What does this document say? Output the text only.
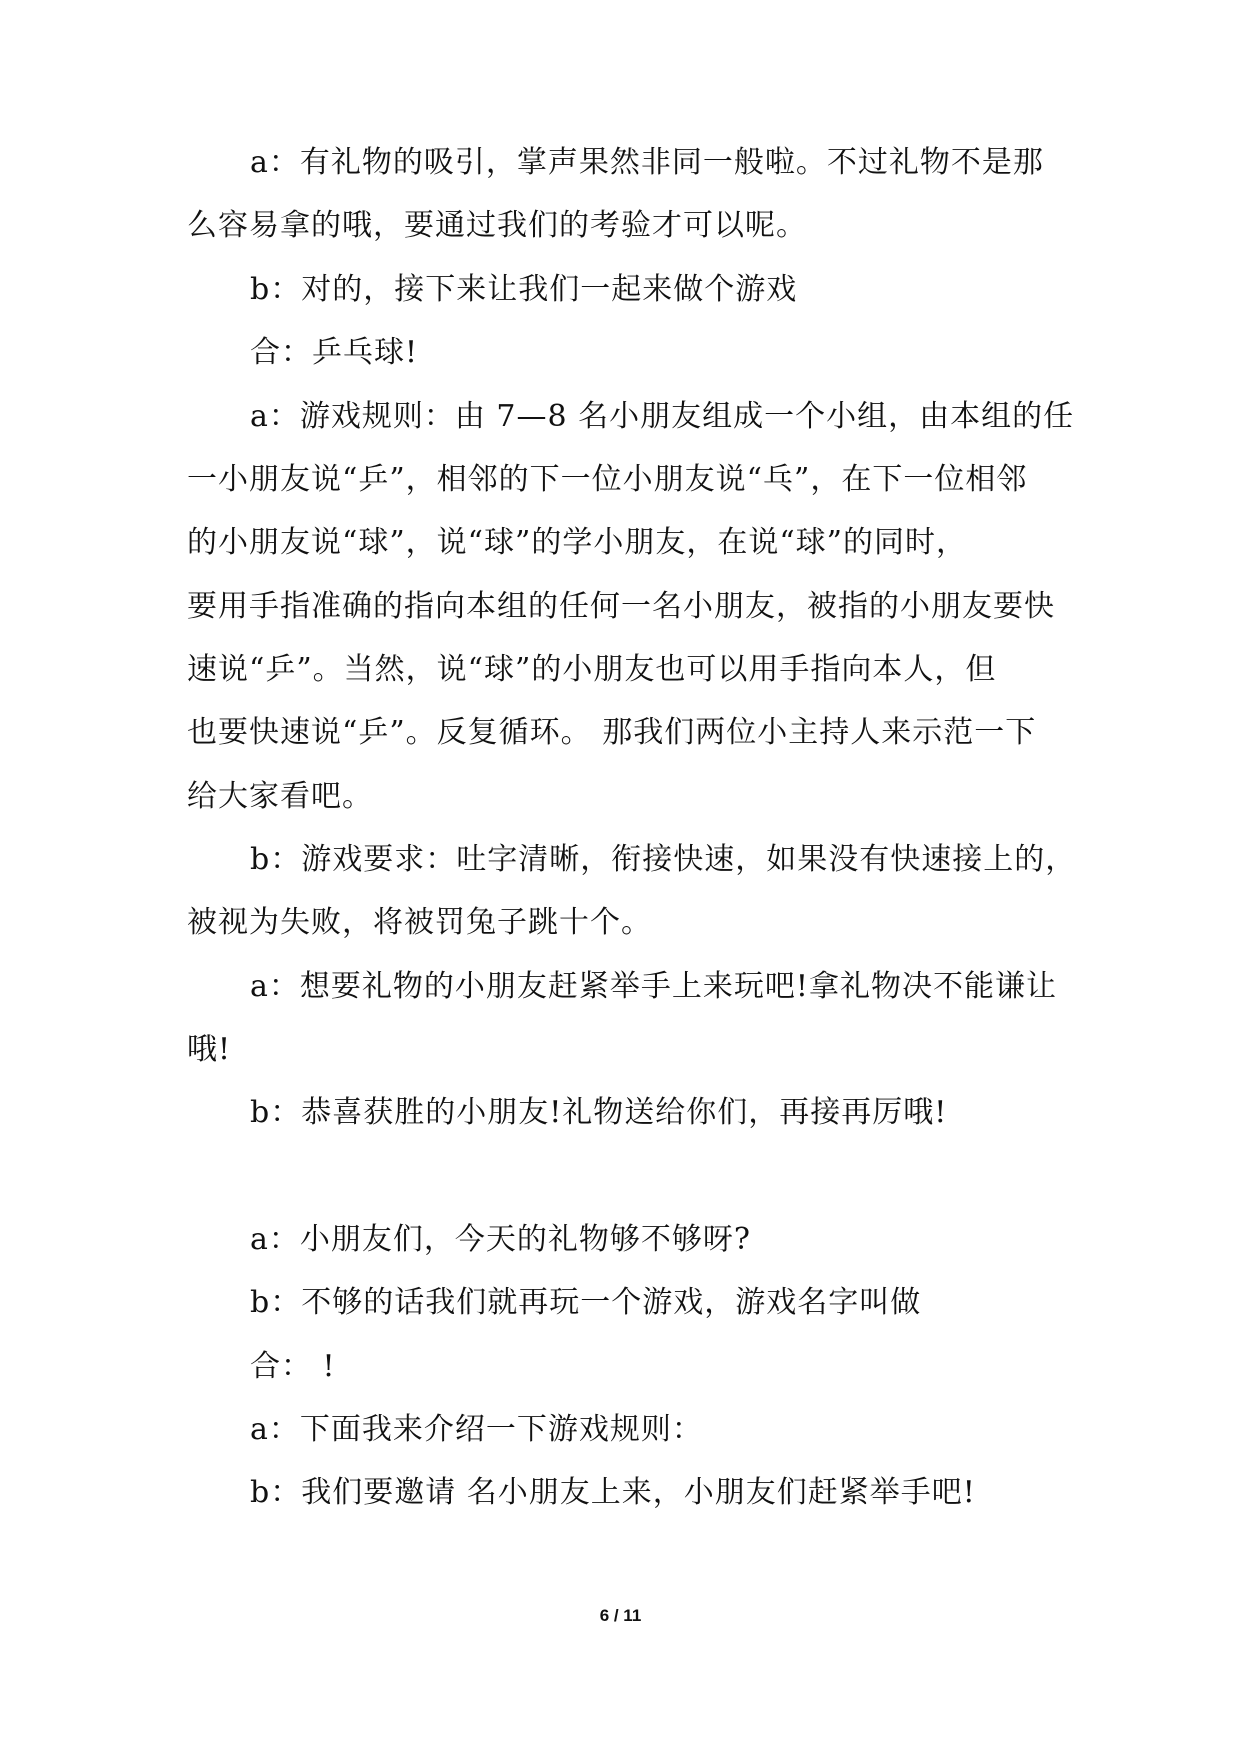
a：有礼物的吸引，掌声果然非同一般啦。不过礼物不是那
么容易拿的哦，要通过我们的考验才可以呢。
b：对的，接下来让我们一起来做个游戏
合：乒乓球!
a：游戏规则：由 7—8 名小朋友组成一个小组，由本组的任
一小朋友说“乒”，相邻的下一位小朋友说“乓”，在下一位相邻
的小朋友说“球”，说“球”的学小朋友，在说“球”的同时，
要用手指准确的指向本组的任何一名小朋友，被指的小朋友要快
速说“乒”。当然，说“球”的小朋友也可以用手指向本人，但
也要快速说“乒”。反复循环。 那我们两位小主持人来示范一下
给大家看吧。
b：游戏要求：吐字清晰，衔接快速，如果没有快速接上的，
被视为失败，将被罚兔子跳十个。
a：想要礼物的小朋友赶紧举手上来玩吧!拿礼物决不能谦让
哦!
b：恭喜获胜的小朋友!礼物送给你们，再接再厉哦!
a：小朋友们，今天的礼物够不够呀?
b：不够的话我们就再玩一个游戏，游戏名字叫做
合： !
a：下面我来介绍一下游戏规则：
b：我们要邀请 名小朋友上来，小朋友们赶紧举手吧!
6 / 11
